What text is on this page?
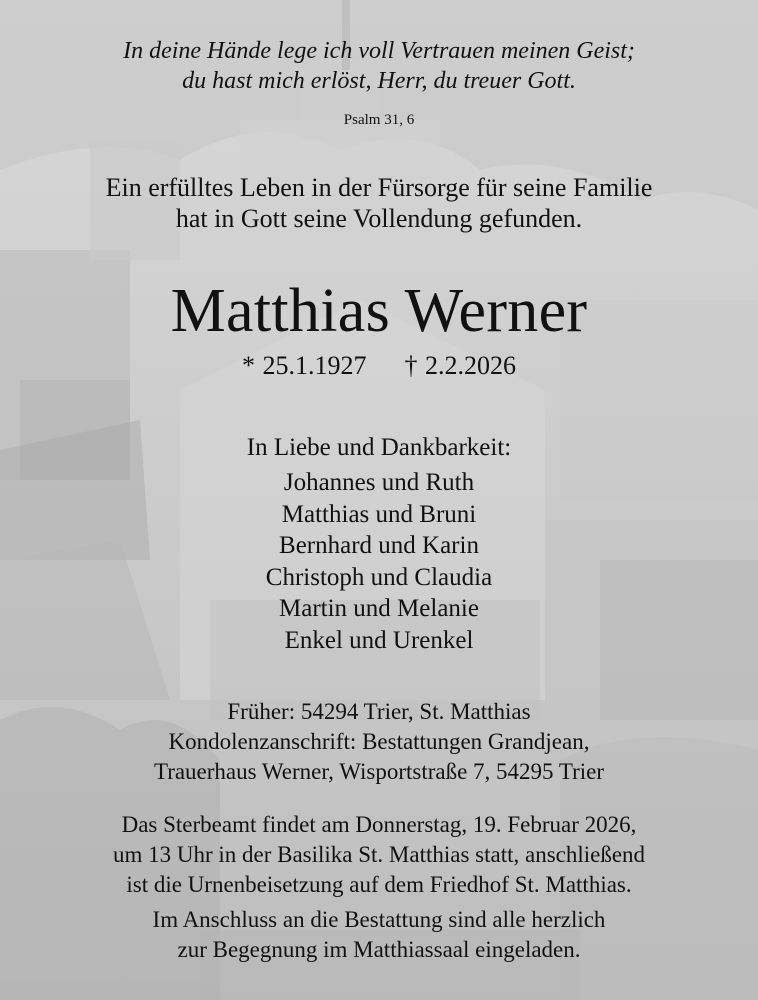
In deine Hände lege ich voll Vertrauen meinen Geist;
du hast mich erlöst, Herr, du treuer Gott.
Psalm 31, 6
Ein erfülltes Leben in der Fürsorge für seine Familie
hat in Gott seine Vollendung gefunden.
Matthias Werner
* 25.1.1927 † 2.2.2026
In Liebe und Dankbarkeit:
Johannes und Ruth
Matthias und Bruni
Bernhard und Karin
Christoph und Claudia
Martin und Melanie
Enkel und Urenkel
Früher: 54294 Trier, St. Matthias
Kondolenzanschrift: Bestattungen Grandjean,
Trauerhaus Werner, Wisportstraße 7, 54295 Trier
Das Sterbeamt findet am Donnerstag, 19. Februar 2026,
um 13 Uhr in der Basilika St. Matthias statt, anschließend
ist die Urnenbeisetzung auf dem Friedhof St. Matthias.
Im Anschluss an die Bestattung sind alle herzlich
zur Begegnung im Matthiassaal eingeladen.
